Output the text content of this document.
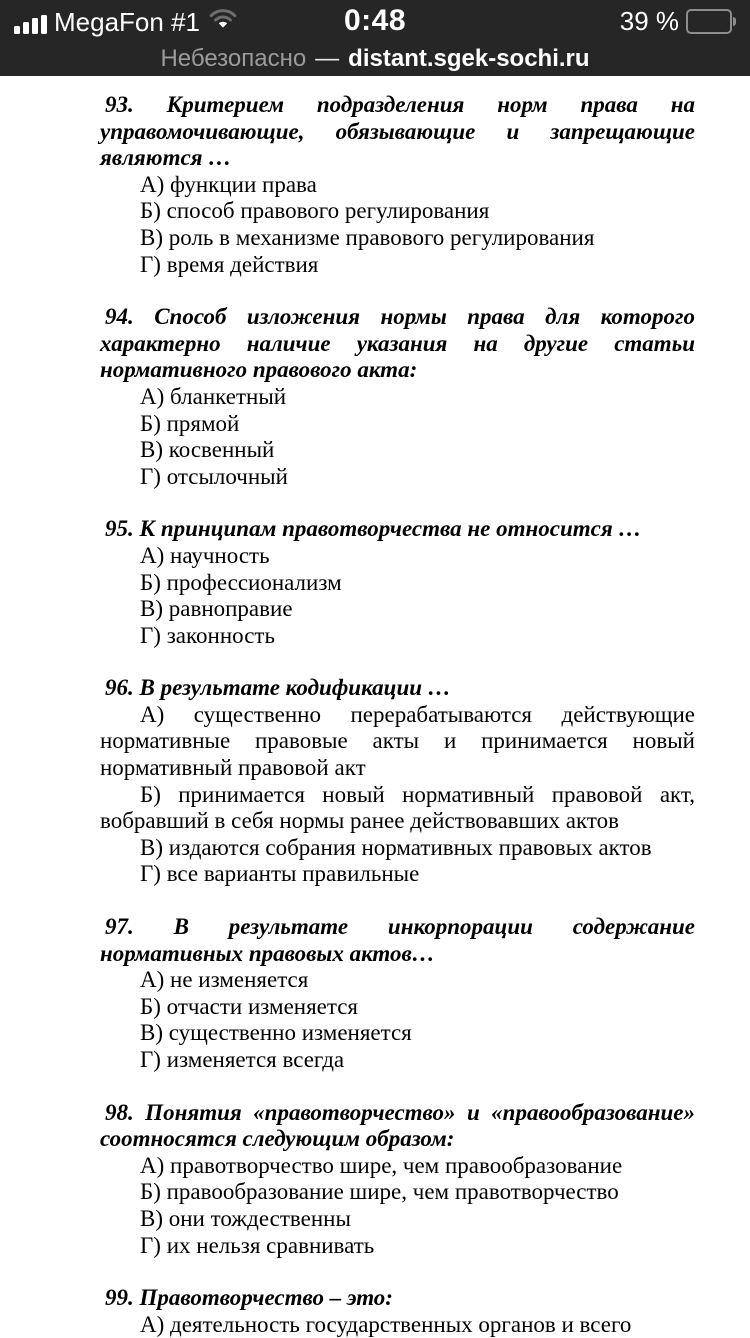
MegaFon #1	0:48	39 %
Небезопасно — distant.sgek-sochi.ru

93. Критерием подразделения норм права на управомочивающие, обязывающие и запрещающие являются …

А) функции права

Б) способ правового регулирования

В) роль в механизме правового регулирования

Г) время действия

94. Способ изложения нормы права для которого характерно наличие указания на другие статьи нормативного правового акта:

А) бланкетный

Б) прямой

В) косвенный

Г) отсылочный

95. К принципам правотворчества не относится …

А) научность

Б) профессионализм

В) равноправие

Г) законность

96. В результате кодификации …

А) существенно перерабатываются действующие нормативные правовые акты и принимается новый нормативный правовой акт

Б) принимается новый нормативный правовой акт, вобравший в себя нормы ранее действовавших актов

В) издаются собрания нормативных правовых актов

Г) все варианты правильные

97. В результате инкорпорации содержание нормативных правовых актов…

А) не изменяется

Б) отчасти изменяется

В) существенно изменяется

Г) изменяется всегда

98. Понятия «правотворчество» и «правообразование» соотносятся следующим образом:

А) правотворчество шире, чем правообразование

Б) правообразование шире, чем правотворчество

В) они тождественны

Г) их нельзя сравнивать

99. Правотворчество – это:

А) деятельность государственных органов и всего
